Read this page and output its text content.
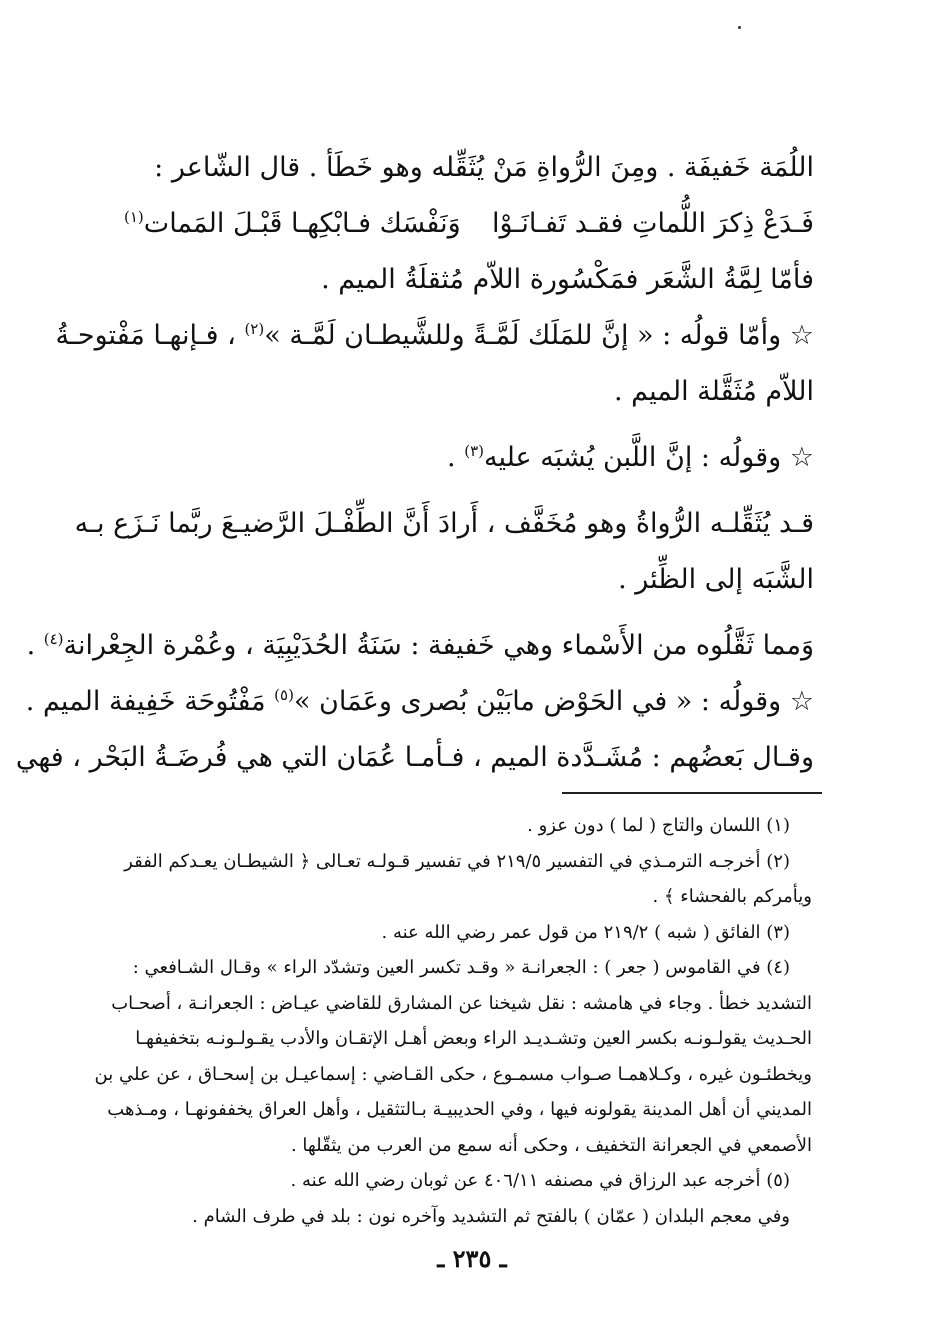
اللُمَة خَفيفَة . ومِنَ الرُّواةِ مَنْ يُثَقِّله وهو خَطَأ . قال الشّاعر :
فَـدَعْ ذِكرَ اللُّماتِ فقـد تَفـانَـوْا
وَنَفْسَك فـابْكِهـا قَبْـلَ المَمات$^{(١)}$
فأمّا لِمَّةُ الشَّعَر فمَكْسُورة اللاّم مُثقلَةُ الميم .
☆ وأمّا قولُه : « إنَّ للمَلَك لَمَّـةً وللشَّيطـان لَمَّـة »$^{(٢)}$ ، فـإنهـا مَفْتوحـةُ
اللاّم مُثَقَّلة الميم .
☆ وقولُه : إنَّ اللَّبن يُشبَه عليه$^{(٣)}$ .
قـد يُثَقِّلـه الرُّواةُ وهو مُخَفَّف ، أَرادَ أَنَّ الطِّفْـلَ الرَّضيـعَ ربَّما نَـزَع بـه
الشَّبَه إلى الظِّئر .
وَمما ثَقَّلُوه من الأَسْماء وهي خَفيفة : سَنَةُ الحُدَيْبِيَة ، وعُمْرة الجِعْرانة$^{(٤)}$ .
☆ وقولُه : « في الحَوْض مابَيْن بُصرى وعَمَان »$^{(٥)}$ مَفْتُوحَة خَفِيفة الميم .
وقـال بَعضُهم : مُشَـدَّدة الميم ، فـأمـا عُمَان التي هي فُرضَـةُ البَحْر ، فهي
(١) اللسان والتاج ( لما ) دون عزو .
(٢) أخرجـه الترمـذي في التفسير ٢١٩/٥ في تفسير قـولـه تعـالى ﴿ الشيطـان يعـدكم الفقر
ويأمركم بالفحشاء ﴾ .
(٣) الفائق ( شبه ) ٢١٩/٢ من قول عمر رضي الله عنه .
(٤) في القاموس ( جعر ) : الجعرانـة « وقـد تكسر العين وتشدّد الراء » وقـال الشـافعي :
التشديد خطأ . وجاء في هامشه : نقل شيخنا عن المشارق للقاضي عيـاض : الجعرانـة ، أصحـاب
الحـديث يقولـونـه بكسر العين وتشـديـد الراء وبعض أهـل الإتقـان والأدب يقـولـونـه بتخفيفهـا
ويخطئـون غيره ، وكـلاهمـا صـواب مسمـوع ، حكى القـاضي : إسماعيـل بن إسحـاق ، عن علي بن
المديني أن أهل المدينة يقولونه فيها ، وفي الحديبيـة بـالتثقيل ، وأهل العراق يخففونهـا ، ومـذهب
الأصمعي في الجعرانة التخفيف ، وحكى أنه سمع من العرب من يثقّلها .
(٥) أخرجه عبد الرزاق في مصنفه ٤٠٦/١١ عن ثوبان رضي الله عنه .
وفي معجم البلدان ( عمّان ) بالفتح ثم التشديد وآخره نون : بلد في طرف الشام .
ـ ٢٣٥ ـ
